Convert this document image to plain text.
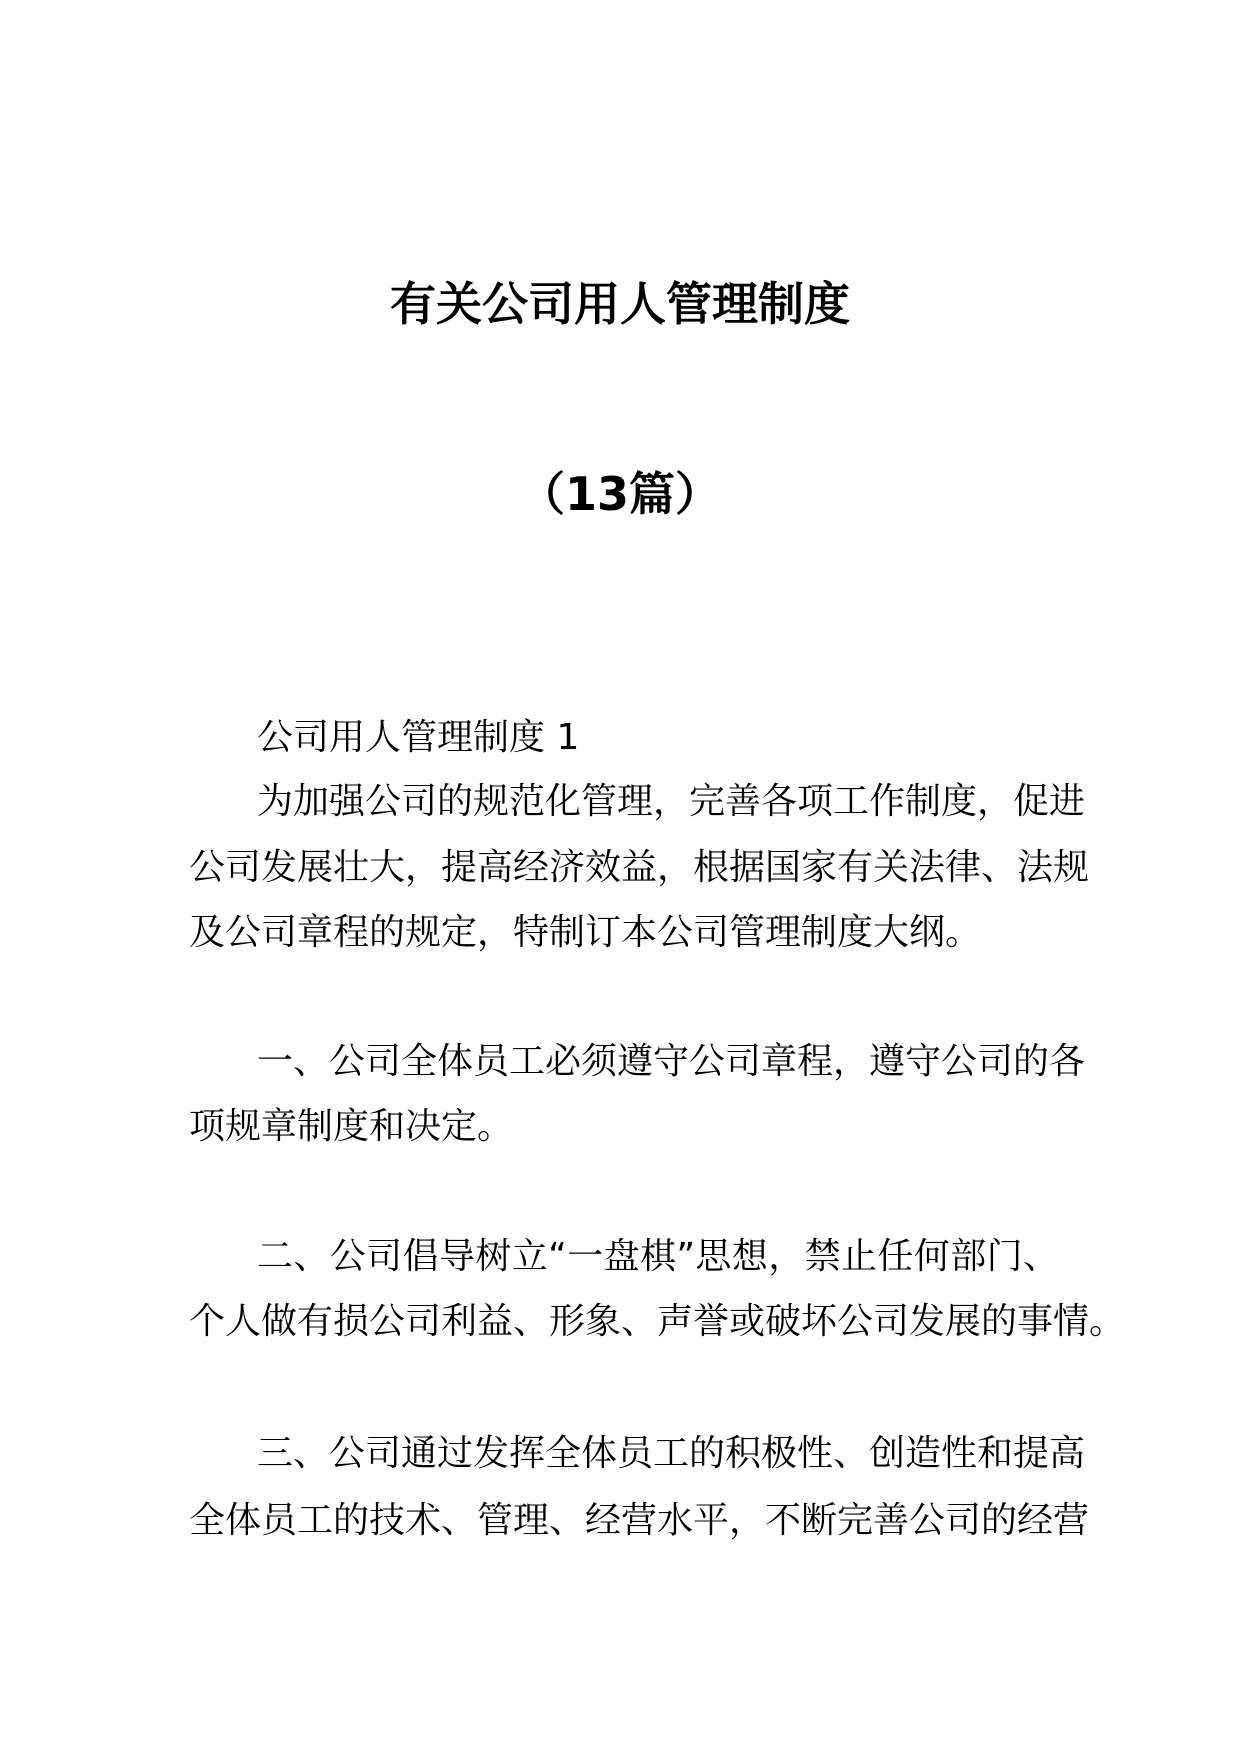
有关公司用人管理制度
（13篇）
公司用人管理制度 1
为加强公司的规范化管理，完善各项工作制度，促进
公司发展壮大，提高经济效益，根据国家有关法律、法规
及公司章程的规定，特制订本公司管理制度大纲。
一、公司全体员工必须遵守公司章程，遵守公司的各
项规章制度和决定。
二、公司倡导树立“一盘棋”思想，禁止任何部门、
个人做有损公司利益、形象、声誉或破坏公司发展的事情。
三、公司通过发挥全体员工的积极性、创造性和提高
全体员工的技术、管理、经营水平，不断完善公司的经营
